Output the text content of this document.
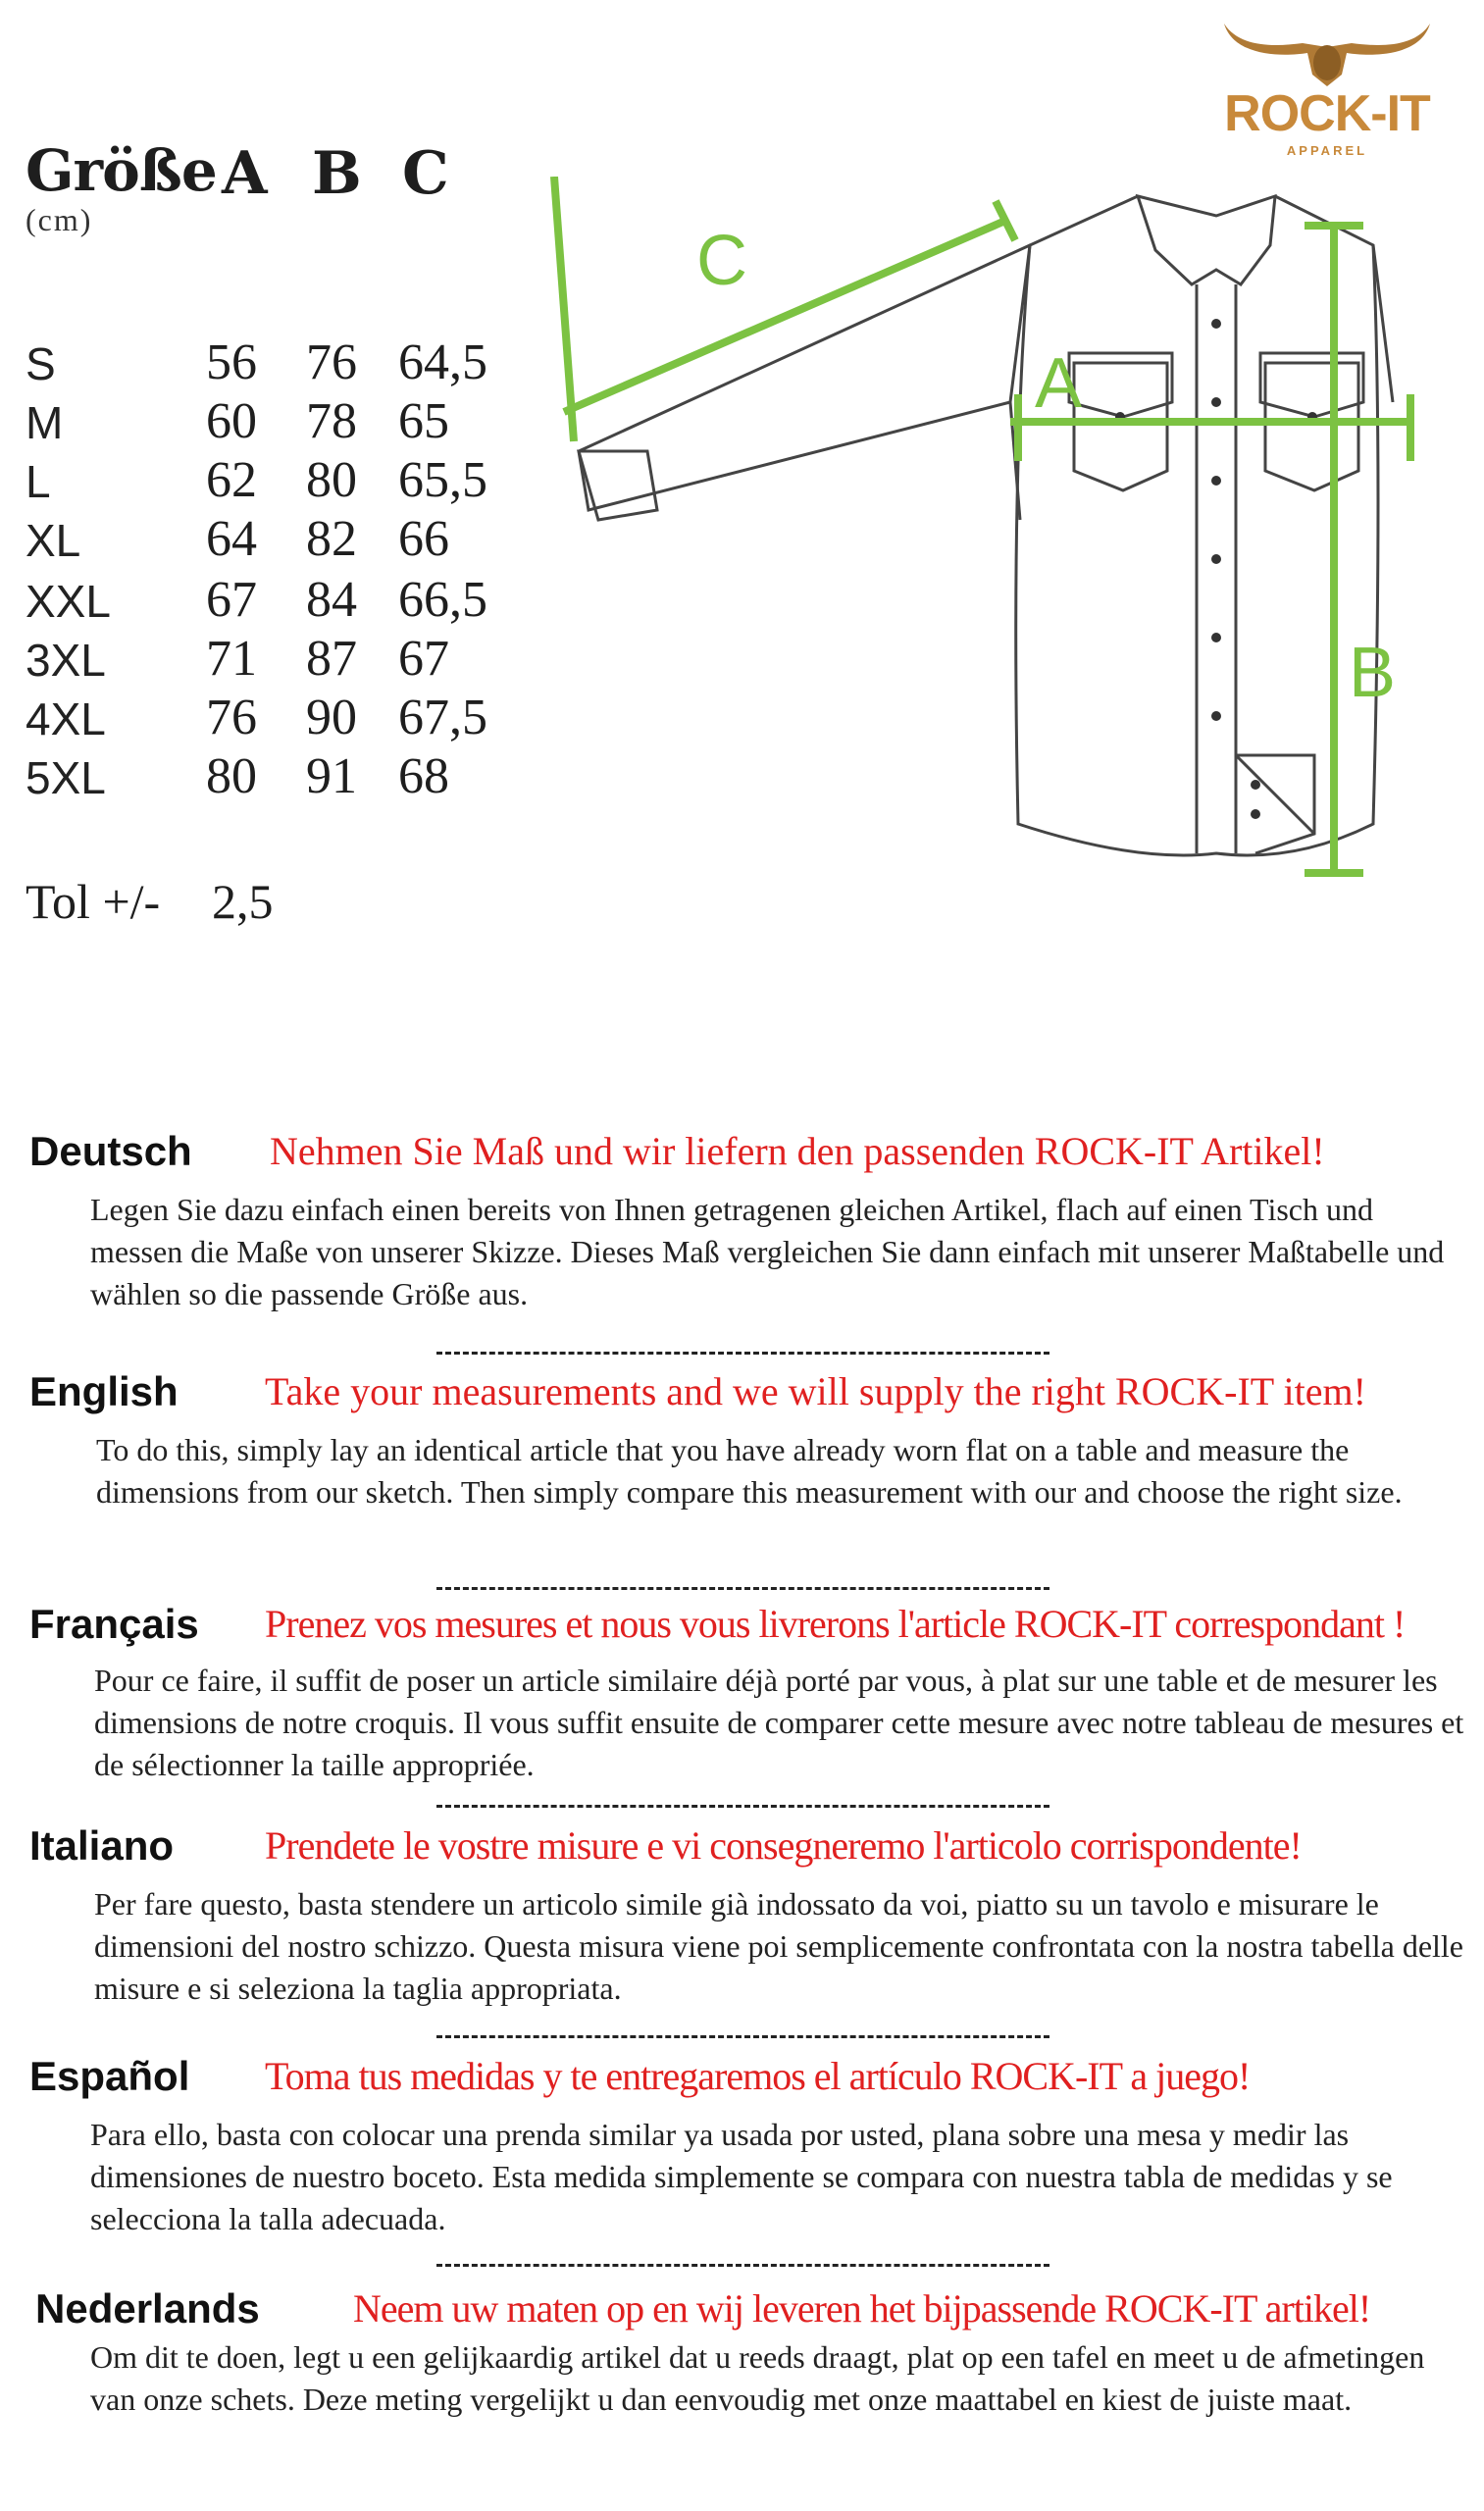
Größe A B C
(cm)
S	56 76 64,5
M	60 78 65
L	62 80 65,5
XL 64 82 66
XXL 67 84 66,5
3XL 71 87 67
4XL 76 90 67,5
5XL 80 91 68
Tol +/- 2,5
ROCK-IT
APPAREL
C
A
B
Deutsch Nehmen Sie Maß und wir liefern den passenden ROCK-IT Artikel!
Legen Sie dazu einfach einen bereits von Ihnen getragenen gleichen Artikel, flach auf einen Tisch und messen die Maße von unserer Skizze. Dieses Maß vergleichen Sie dann einfach mit unserer Maßtabelle und wählen so die passende Größe aus.
English Take your measurements and we will supply the right ROCK-IT item!
To do this, simply lay an identical article that you have already worn flat on a table and measure the dimensions from our sketch. Then simply compare this measurement with our and choose the right size.
Français Prenez vos mesures et nous vous livrerons l'article ROCK-IT correspondant !
Pour ce faire, il suffit de poser un article similaire déjà porté par vous, à plat sur une table et de mesurer les dimensions de notre croquis. Il vous suffit ensuite de comparer cette mesure avec notre tableau de mesures et de sélectionner la taille appropriée.
Italiano Prendete le vostre misure e vi consegneremo l'articolo corrispondente!
Per fare questo, basta stendere un articolo simile già indossato da voi, piatto su un tavolo e misurare le dimensioni del nostro schizzo. Questa misura viene poi semplicemente confrontata con la nostra tabella delle misure e si seleziona la taglia appropriata.
Español Toma tus medidas y te entregaremos el artículo ROCK-IT a juego!
Para ello, basta con colocar una prenda similar ya usada por usted, plana sobre una mesa y medir las dimensiones de nuestro boceto. Esta medida simplemente se compara con nuestra tabla de medidas y se selecciona la talla adecuada.
Nederlands Neem uw maten op en wij leveren het bijpassende ROCK-IT artikel!
Om dit te doen, legt u een gelijkaardig artikel dat u reeds draagt, plat op een tafel en meet u de afmetingen van onze schets. Deze meting vergelijkt u dan eenvoudig met onze maattabel en kiest de juiste maat.
